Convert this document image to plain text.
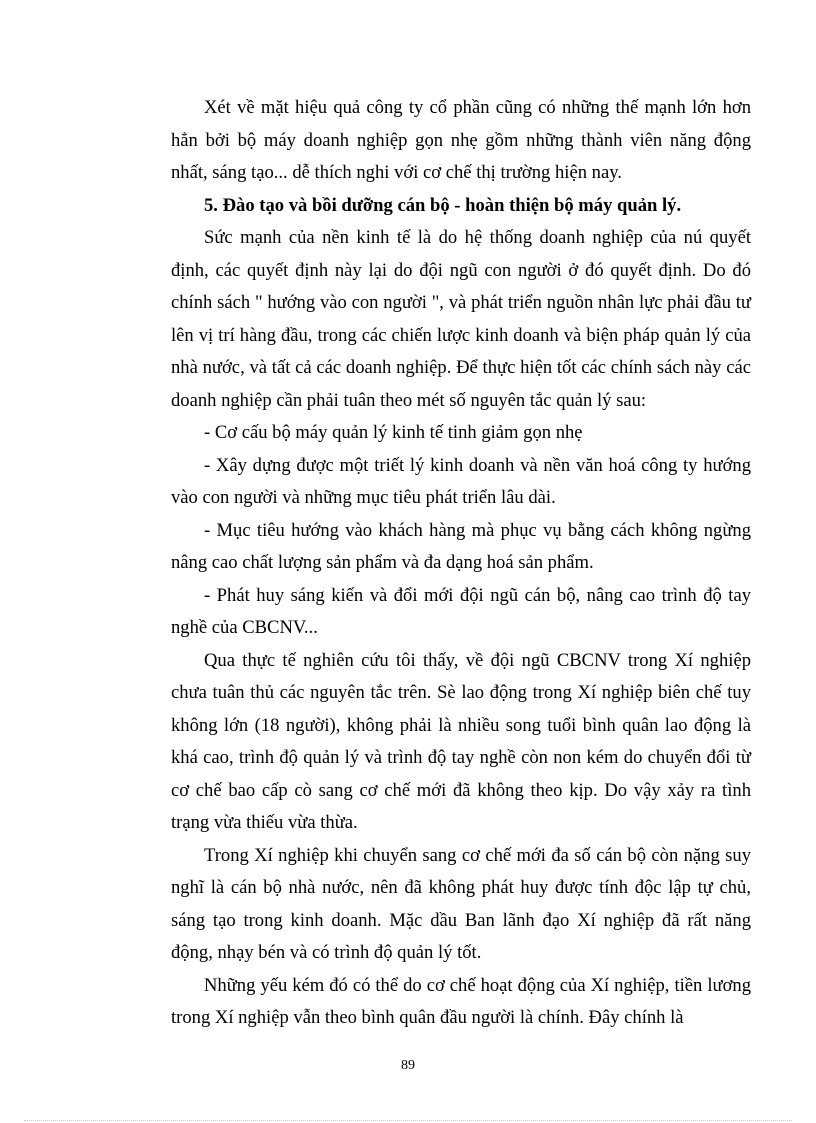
Xét về mặt hiệu quả công ty cổ phần cũng có những thế mạnh lớn hơn hẳn bởi bộ máy doanh nghiệp gọn nhẹ gồm những thành viên năng động nhất, sáng tạo... dễ thích nghi với cơ chế thị trường hiện nay.

5. Đào tạo và bồi dưỡng cán bộ - hoàn thiện bộ máy quản lý.

Sức mạnh của nền kinh tế là do hệ thống doanh nghiệp của nú quyết định, các quyết định này lại do đội ngũ con người ở đó quyết định. Do đó chính sách " hướng vào con người ", và phát triển nguồn nhân lực phải đầu tư lên vị trí hàng đầu, trong các chiến lược kinh doanh và biện pháp quản lý của nhà nước, và tất cả các doanh nghiệp. Để thực hiện tốt các chính sách này các doanh nghiệp cần phải tuân theo mét số nguyên tắc quản lý sau:

- Cơ cấu bộ máy quản lý kinh tế tinh giảm gọn nhẹ

- Xây dựng được một triết lý kinh doanh và nền văn hoá công ty hướng vào con người và những mục tiêu phát triển lâu dài.

- Mục tiêu hướng vào khách hàng mà phục vụ bằng cách không ngừng nâng cao chất lượng sản phẩm và đa dạng hoá sản phẩm.

- Phát huy sáng kiến và đổi mới đội ngũ cán bộ, nâng cao trình độ tay nghề của CBCNV...

Qua thực tế nghiên cứu tôi thấy, về đội ngũ CBCNV trong Xí nghiệp chưa tuân thủ các nguyên tắc trên. Sè lao động trong Xí nghiệp biên chế tuy không lớn (18 người), không phải là nhiều song tuổi bình quân lao động là khá cao, trình độ quản lý và trình độ tay nghề còn non kém do chuyển đổi từ cơ chế bao cấp cò sang cơ chế mới đã không theo kịp. Do vậy xảy ra tình trạng vừa thiếu vừa thừa.

Trong Xí nghiệp khi chuyển sang cơ chế mới đa số cán bộ còn nặng suy nghĩ là cán bộ nhà nước, nên đã không phát huy được tính độc lập tự chủ, sáng tạo trong kinh doanh. Mặc dầu Ban lãnh đạo Xí nghiệp đã rất năng động, nhạy bén và có trình độ quản lý tốt.

Những yếu kém đó có thể do cơ chế hoạt động của Xí nghiệp, tiền lương trong Xí nghiệp vẫn theo bình quân đầu người là chính. Đây chính là

89
